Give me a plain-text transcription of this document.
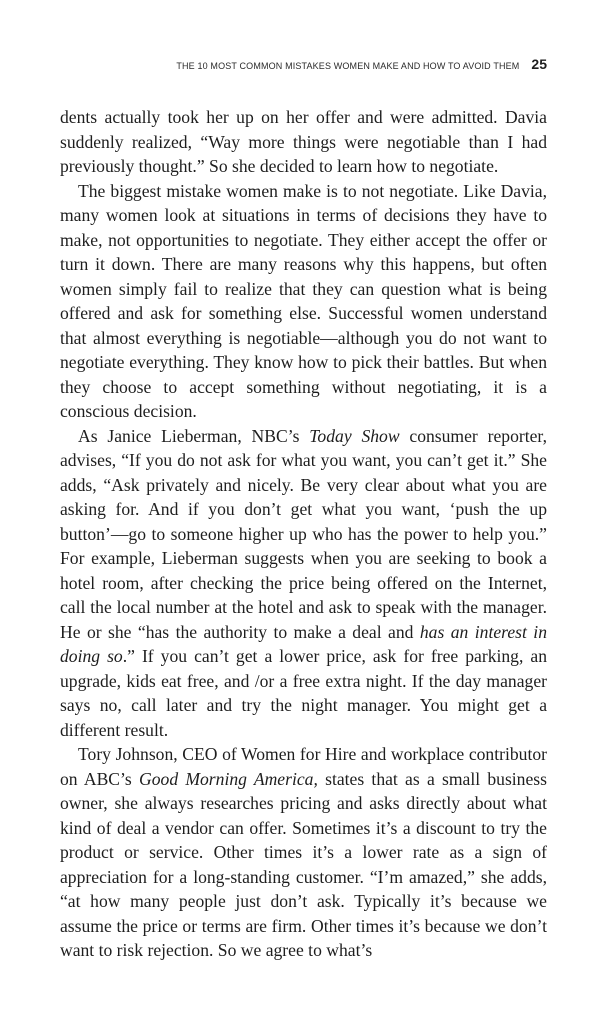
THE 10 MOST COMMON MISTAKES WOMEN MAKE AND HOW TO AVOID THEM 25

dents actually took her up on her offer and were admitted. Davia suddenly realized, “Way more things were negotiable than I had previously thought.” So she decided to learn how to negotiate.

The biggest mistake women make is to not negotiate. Like Davia, many women look at situations in terms of decisions they have to make, not opportunities to negotiate. They either accept the offer or turn it down. There are many reasons why this happens, but often women simply fail to realize that they can question what is being offered and ask for something else. Successful women understand that almost everything is negotiable—although you do not want to negotiate everything. They know how to pick their battles. But when they choose to accept something without negotiating, it is a conscious decision.

As Janice Lieberman, NBC’s Today Show consumer reporter, advises, “If you do not ask for what you want, you can’t get it.” She adds, “Ask privately and nicely. Be very clear about what you are asking for. And if you don’t get what you want, ‘push the up button’—go to someone higher up who has the power to help you.” For example, Lieberman suggests when you are seeking to book a hotel room, after checking the price being offered on the Internet, call the local number at the hotel and ask to speak with the manager. He or she “has the authority to make a deal and has an interest in doing so.” If you can’t get a lower price, ask for free parking, an upgrade, kids eat free, and /or a free extra night. If the day manager says no, call later and try the night manager. You might get a different result.

Tory Johnson, CEO of Women for Hire and workplace contributor on ABC’s Good Morning America, states that as a small business owner, she always researches pricing and asks directly about what kind of deal a vendor can offer. Sometimes it’s a discount to try the product or service. Other times it’s a lower rate as a sign of appreciation for a long-standing customer. “I’m amazed,” she adds, “at how many people just don’t ask. Typically it’s because we assume the price or terms are firm. Other times it’s because we don’t want to risk rejection. So we agree to what’s
